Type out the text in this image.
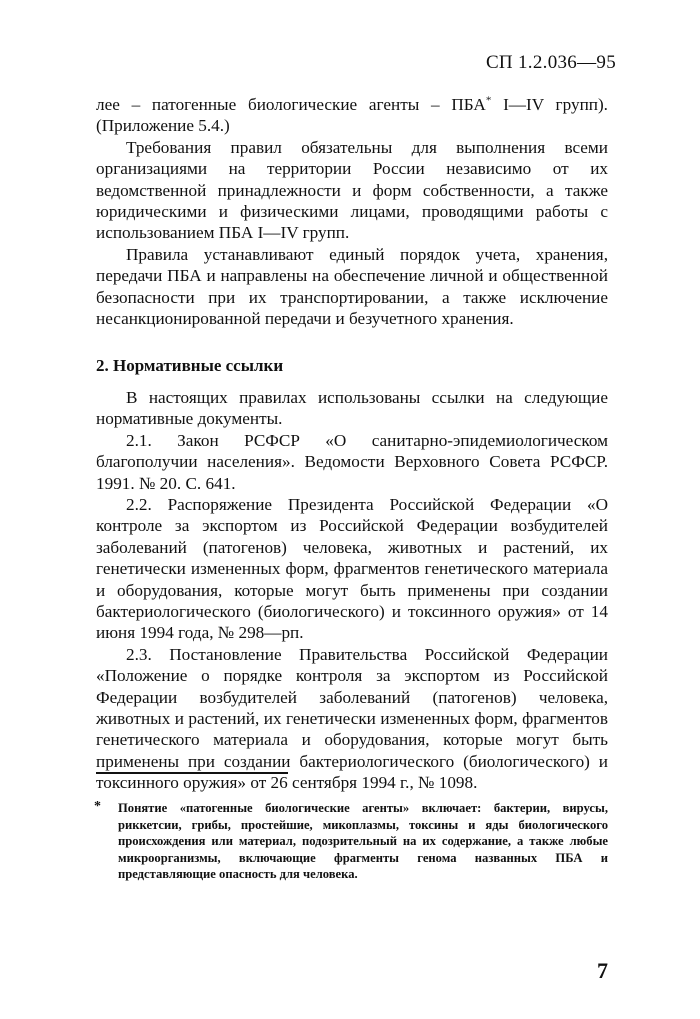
СП 1.2.036—95

лее – патогенные биологические агенты – ПБА* I—IV групп). (Приложение 5.4.)

Требования правил обязательны для выполнения всеми организациями на территории России независимо от их ведомственной принадлежности и форм собственности, а также юридическими и физическими лицами, проводящими работы с использованием ПБА I—IV групп.

Правила устанавливают единый порядок учета, хранения, передачи ПБА и направлены на обеспечение личной и общественной безопасности при их транспортировании, а также исключение несанкционированной передачи и безучетного хранения.

2. Нормативные ссылки

В настоящих правилах использованы ссылки на следующие нормативные документы.

2.1. Закон РСФСР «О санитарно-эпидемиологическом благополучии населения». Ведомости Верховного Совета РСФСР. 1991. № 20. С. 641.

2.2. Распоряжение Президента Российской Федерации «О контроле за экспортом из Российской Федерации возбудителей заболеваний (патогенов) человека, животных и растений, их генетически измененных форм, фрагментов генетического материала и оборудования, которые могут быть применены при создании бактериологического (биологического) и токсинного оружия» от 14 июня 1994 года, № 298—рп.

2.3. Постановление Правительства Российской Федерации «Положение о порядке контроля за экспортом из Российской Федерации возбудителей заболеваний (патогенов) человека, животных и растений, их генетически измененных форм, фрагментов генетического материала и оборудования, которые могут быть применены при создании бактериологического (биологического) и токсинного оружия» от 26 сентября 1994 г., № 1098.

* Понятие «патогенные биологические агенты» включает: бактерии, вирусы, риккетсии, грибы, простейшие, микоплазмы, токсины и яды биологического происхождения или материал, подозрительный на их содержание, а также любые микроорганизмы, включающие фрагменты генома названных ПБА и представляющие опасность для человека.
7
